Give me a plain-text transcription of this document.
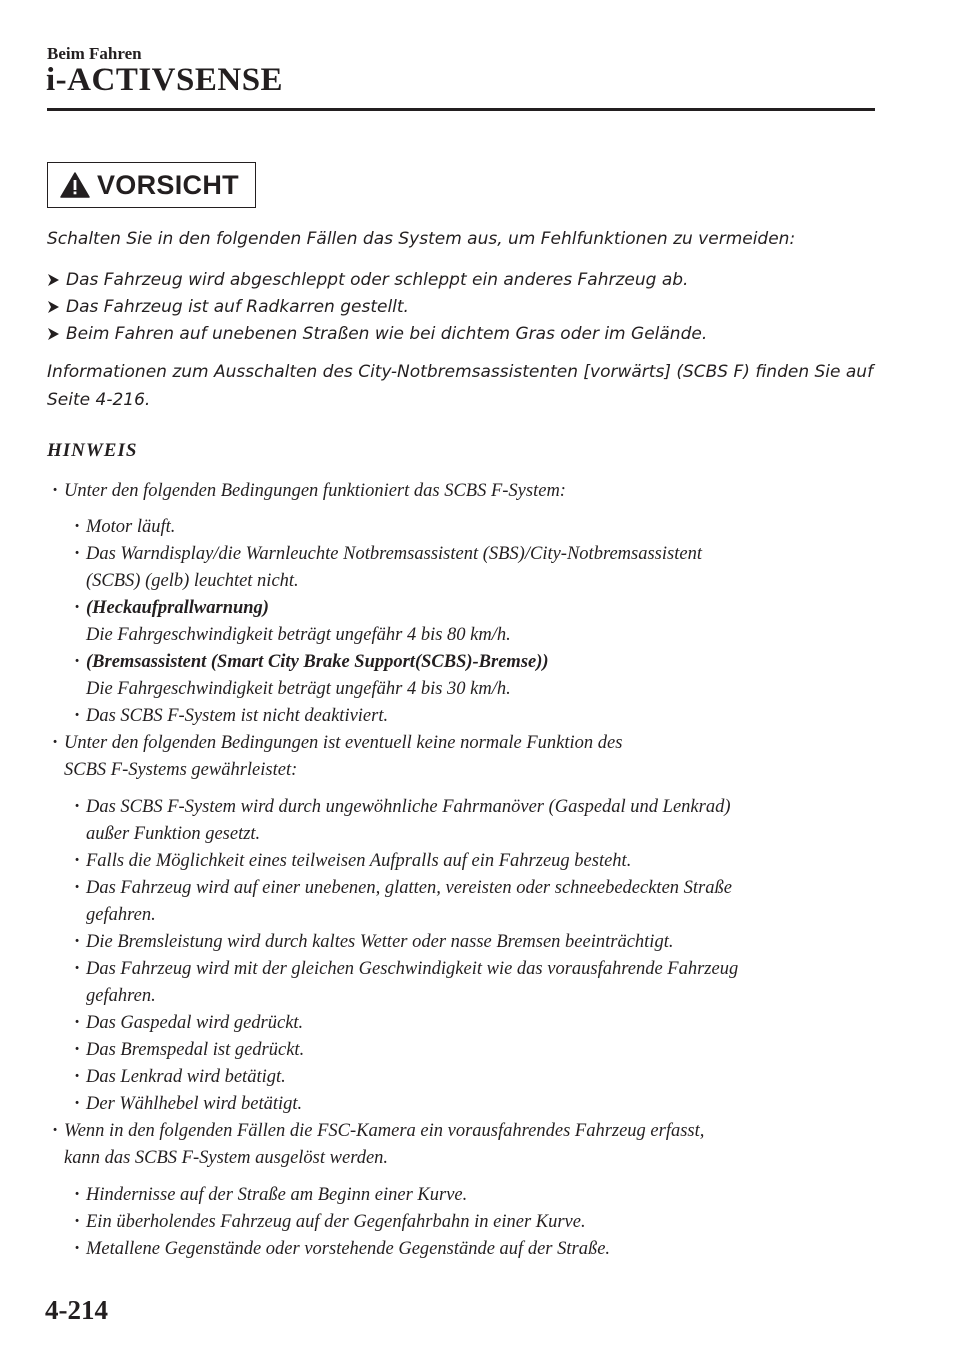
Beim Fahren
i-ACTIVSENSE
VORSICHT
Schalten Sie in den folgenden Fällen das System aus, um Fehlfunktionen zu vermeiden:
Das Fahrzeug wird abgeschleppt oder schleppt ein anderes Fahrzeug ab.
Das Fahrzeug ist auf Radkarren gestellt.
Beim Fahren auf unebenen Straßen wie bei dichtem Gras oder im Gelände.
Informationen zum Ausschalten des City-Notbremsassistenten [vorwärts] (SCBS F) finden Sie auf Seite 4-216.
HINWEIS
· Unter den folgenden Bedingungen funktioniert das SCBS F-System:
· Motor läuft.
· Das Warndisplay/die Warnleuchte Notbremsassistent (SBS)/City-Notbremsassistent
(SCBS) (gelb) leuchtet nicht.
· (Heckaufprallwarnung)
Die Fahrgeschwindigkeit beträgt ungefähr 4 bis 80 km/h.
· (Bremsassistent (Smart City Brake Support(SCBS)-Bremse))
Die Fahrgeschwindigkeit beträgt ungefähr 4 bis 30 km/h.
· Das SCBS F-System ist nicht deaktiviert.
· Unter den folgenden Bedingungen ist eventuell keine normale Funktion des
SCBS F-Systems gewährleistet:
· Das SCBS F-System wird durch ungewöhnliche Fahrmanöver (Gaspedal und Lenkrad)
außer Funktion gesetzt.
· Falls die Möglichkeit eines teilweisen Aufpralls auf ein Fahrzeug besteht.
· Das Fahrzeug wird auf einer unebenen, glatten, vereisten oder schneebedeckten Straße
gefahren.
· Die Bremsleistung wird durch kaltes Wetter oder nasse Bremsen beeinträchtigt.
· Das Fahrzeug wird mit der gleichen Geschwindigkeit wie das vorausfahrende Fahrzeug
gefahren.
· Das Gaspedal wird gedrückt.
· Das Bremspedal ist gedrückt.
· Das Lenkrad wird betätigt.
· Der Wählhebel wird betätigt.
· Wenn in den folgenden Fällen die FSC-Kamera ein vorausfahrendes Fahrzeug erfasst,
kann das SCBS F-System ausgelöst werden.
· Hindernisse auf der Straße am Beginn einer Kurve.
· Ein überholendes Fahrzeug auf der Gegenfahrbahn in einer Kurve.
· Metallene Gegenstände oder vorstehende Gegenstände auf der Straße.
4-214
